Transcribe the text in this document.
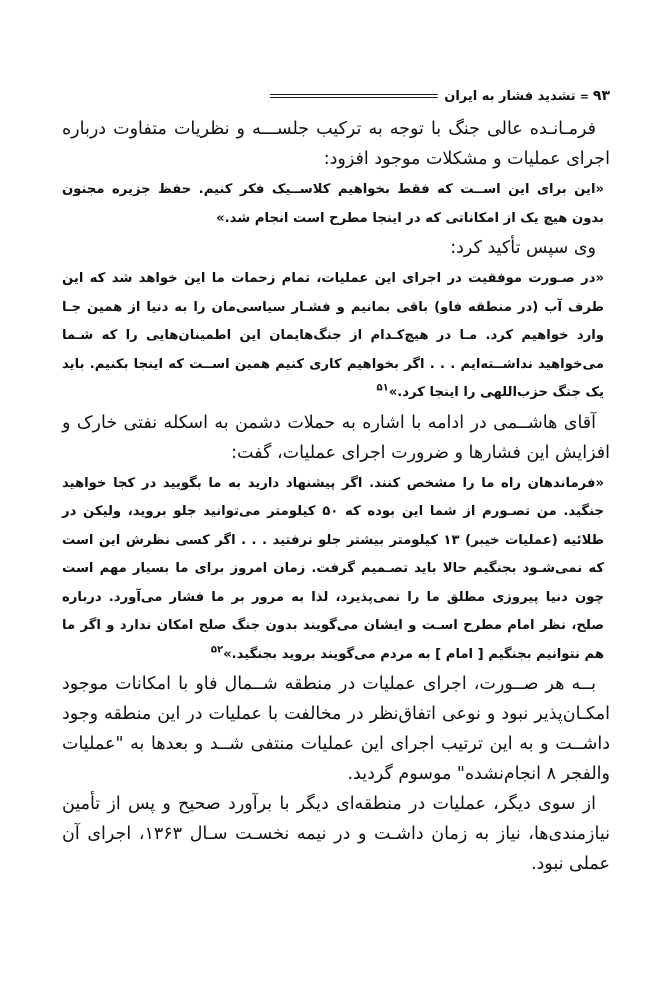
۹۳
=
تشدید فشار به ایران

فرمـانـده عالی جنگ با توجه به ترکیب جلســـه و نظریات متفاوت درباره اجرای عملیات و مشکلات موجود افزود:

«این برای این اســت که فقط بخواهیم کلاســیک فکر کنیم. حفظ جزیره مجنون بدون هیچ یک از امکاناتی که در اینجا مطرح است انجام شد.»

وی سپس تأکید کرد:

«در صـورت موفقیت در اجرای این عملیات، تمام زحمات ما این خواهد شد که این طرف آب (در منطقه فاو) باقی بمانیم و فشـار سیاسی‌مان را به دنیا از همین جـا وارد خواهیم کرد. مـا در هیچ‌کـدام از جنگ‌هایمان این اطمینان‌هایی را که شـما می‌خواهید نداشــته‌ایم . . . اگر بخواهیم کاری کنیم همین اســت که اینجا بکنیم. باید یک جنگ حزب‌اللهی را اینجا کرد.»$^{۵۱}$

آقای هاشــمی در ادامه با اشاره به حملات دشمن به اسکله نفتی خارک و افزایش این فشارها و ضرورت اجرای عملیات، گفت:

«فرماندهان راه ما را مشخص کنند. اگر پیشنهاد دارید به ما بگویید در کجا خواهید جنگید. من تصـورم از شما این بوده که ۵۰ کیلومتر می‌توانید جلو بروید، ولیکن در طلائیه (عملیات خیبر) ۱۳ کیلومتر بیشتر جلو نرفتید . . . اگر کسی نظرش این است که نمی‌شـود بجنگیم حالا باید تصـمیم گرفت. زمان امروز برای ما بسیار مهم است چون دنیا پیروزی مطلق ما را نمی‌پذیرد، لذا به مرور بر ما فشار می‌آورد. درباره صلح، نظر امام مطرح اسـت و ایشان می‌گویند بدون جنگ صلح امکان ندارد و اگر ما هم نتوانیم بجنگیم [ امام ] به مردم می‌گویند بروید بجنگید.»$^{۵۲}$

بــه هر صــورت، اجرای عملیات در منطقه شــمال فاو با امکانات موجود امکـان‌پذیر نبود و نوعی اتفاق‌نظر در مخالفت با عملیات در این منطقه وجود داشــت و به این ترتیب اجرای این عملیات منتفی شــد و بعدها به "عملیات والفجر ۸ انجام‌نشده" موسوم گردید.

از سوی دیگر، عملیات در منطقه‌ای دیگر با برآورد صحیح و پس از تأمین نیازمندی‌ها، نیاز به زمان داشـت و در نیمه نخسـت سـال ۱۳۶۳، اجرای آن عملی نبود.
